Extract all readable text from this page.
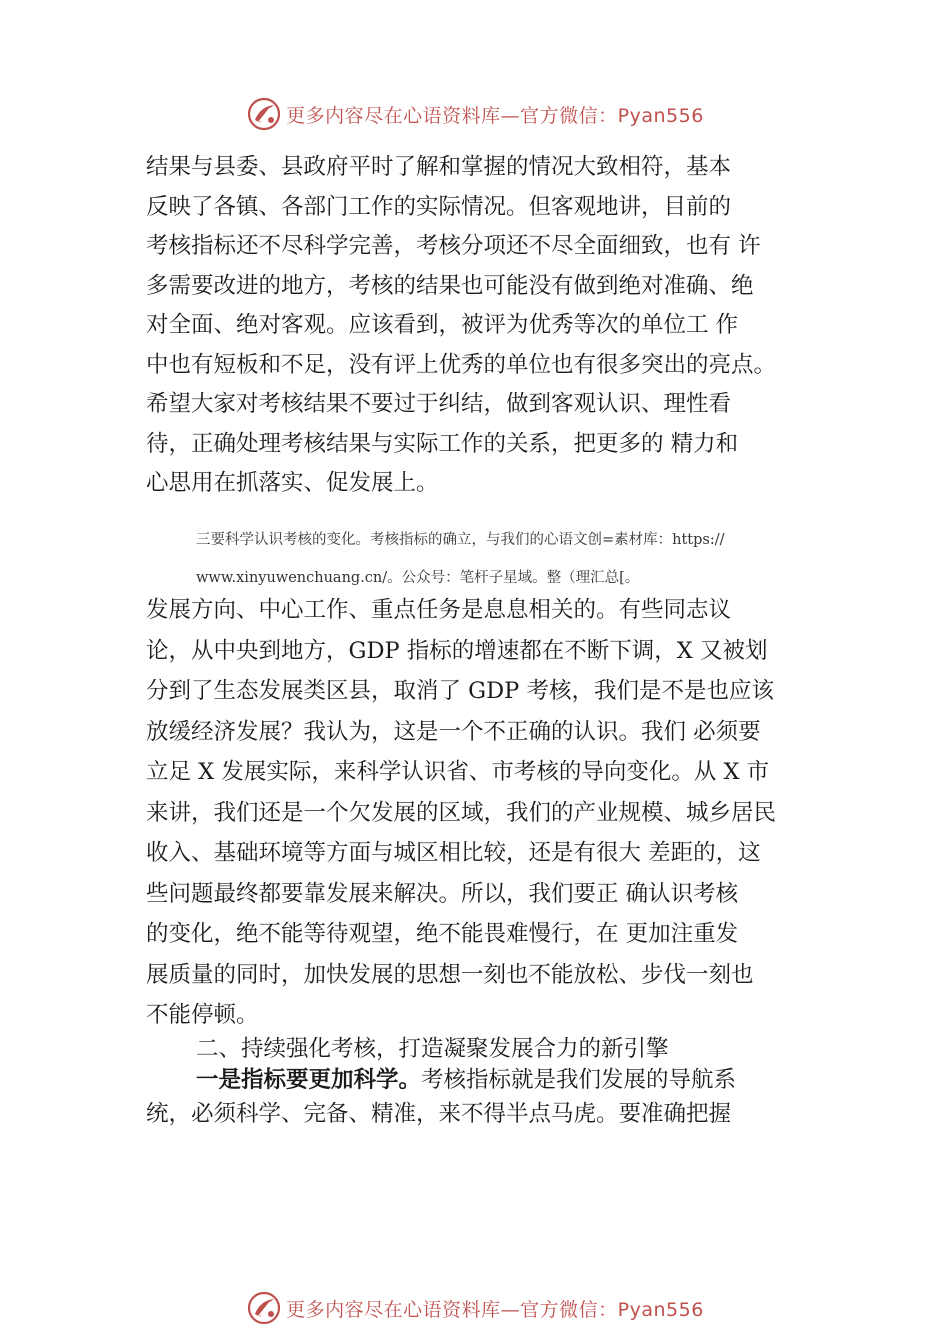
更多内容尽在心语资料库—官方微信：Pyan556
结果与县委、县政府平时了解和掌握的情况大致相符，基本
反映了各镇、各部门工作的实际情况。但客观地讲，目前的
考核指标还不尽科学完善，考核分项还不尽全面细致，也有 许
多需要改进的地方，考核的结果也可能没有做到绝对准确、绝
对全面、绝对客观。应该看到，被评为优秀等次的单位工 作
中也有短板和不足，没有评上优秀的单位也有很多突出的亮点。
希望大家对考核结果不要过于纠结，做到客观认识、理性看
待，正确处理考核结果与实际工作的关系，把更多的 精力和
心思用在抓落实、促发展上。
三要科学认识考核的变化。考核指标的确立，与我们的心语文创=素材库：https://
www.xinyuwenchuang.cn/。公众号：笔杆子星域。整（理汇总[。
发展方向、中心工作、重点任务是息息相关的。有些同志议
论，从中央到地方，GDP 指标的增速都在不断下调，X 又被划
分到了生态发展类区县，取消了 GDP 考核，我们是不是也应该
放缓经济发展？我认为，这是一个不正确的认识。我们 必须要
立足 X 发展实际，来科学认识省、市考核的导向变化。从 X 市
来讲，我们还是一个欠发展的区域，我们的产业规模、城乡居民
收入、基础环境等方面与城区相比较，还是有很大 差距的，这
些问题最终都要靠发展来解决。所以，我们要正 确认识考核
的变化，绝不能等待观望，绝不能畏难慢行，在 更加注重发
展质量的同时，加快发展的思想一刻也不能放松、步伐一刻也
不能停顿。
二、持续强化考核，打造凝聚发展合力的新引擎
一是指标要更加科学。考核指标就是我们发展的导航系
统，必须科学、完备、精准，来不得半点马虎。要准确把握
更多内容尽在心语资料库—官方微信：Pyan556
